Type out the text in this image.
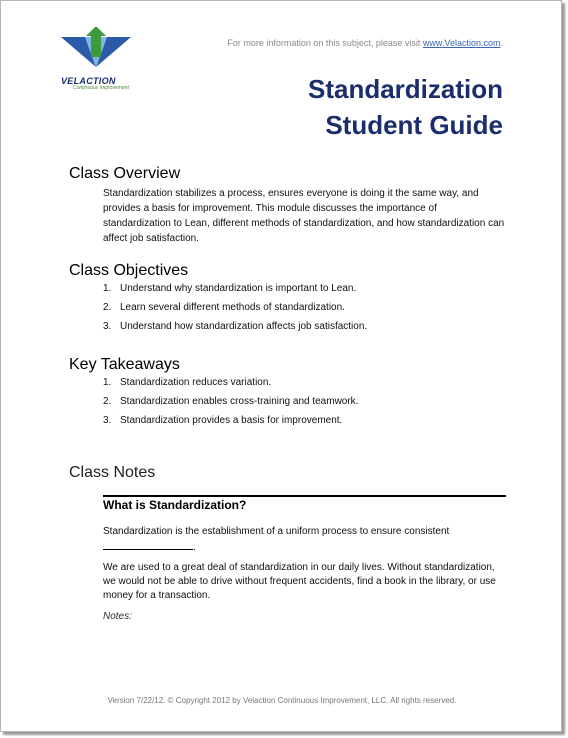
VELACTION
Continuous Improvement
For more information on this subject, please visit www.Velaction.com.
Standardization
Student Guide
Class Overview
Standardization stabilizes a process, ensures everyone is doing it the same way, and provides a basis for improvement. This module discusses the importance of standardization to Lean, different methods of standardization, and how standardization can affect job satisfaction.
Class Objectives
1. Understand why standardization is important to Lean.
2. Learn several different methods of standardization.
3. Understand how standardization affects job satisfaction.
Key Takeaways
1. Standardization reduces variation.
2. Standardization enables cross-training and teamwork.
3. Standardization provides a basis for improvement.
Class Notes
What is Standardization?
Standardization is the establishment of a uniform process to ensure consistent
.
We are used to a great deal of standardization in our daily lives. Without standardization, we would not be able to drive without frequent accidents, find a book in the library, or use money for a transaction.
Notes:
Version 7/22/12. © Copyright 2012 by Velaction Continuous Improvement, LLC. All rights reserved.
